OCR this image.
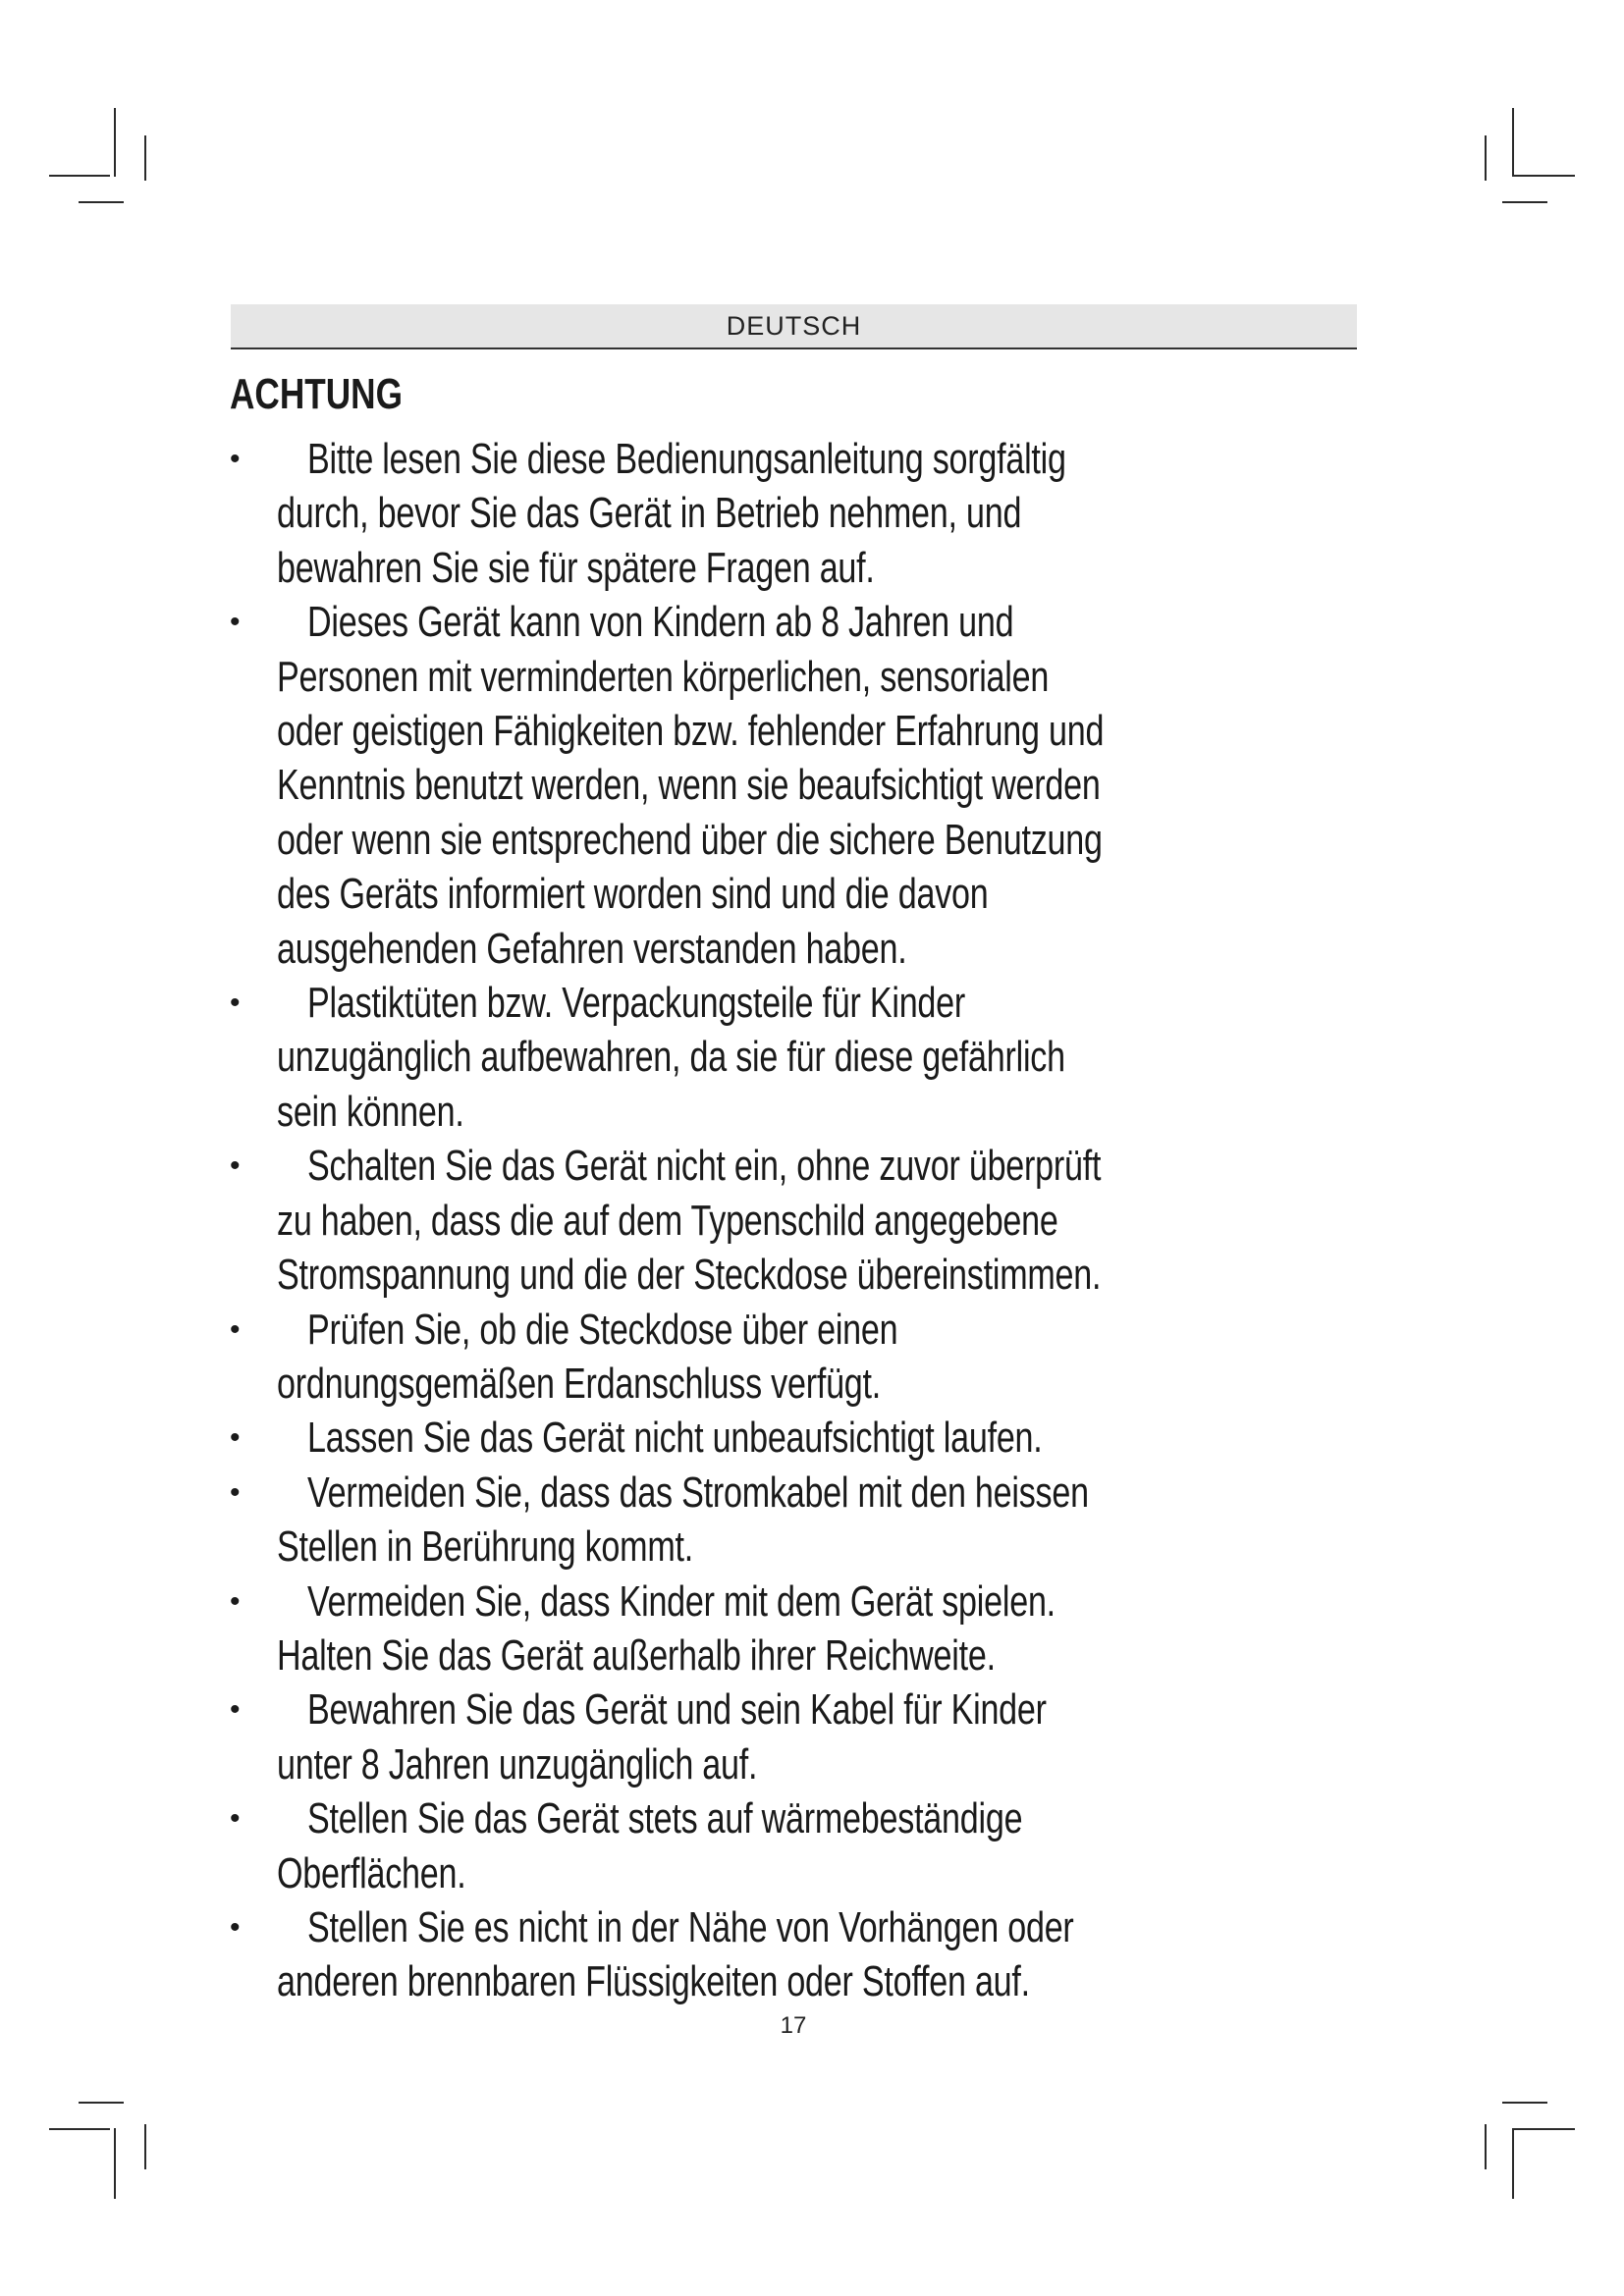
DEUTSCH
ACHTUNG
•	Bitte lesen Sie diese Bedienungsanleitung sorgfältig durch, bevor Sie das Gerät in Betrieb nehmen, und bewahren Sie sie für spätere Fragen auf.
•	Dieses Gerät kann von Kindern ab 8 Jahren und Personen mit verminderten körperlichen, sensorialen oder geistigen Fähigkeiten bzw. fehlender Erfahrung und Kenntnis benutzt werden, wenn sie beaufsichtigt werden oder wenn sie entsprechend über die sichere Benutzung des Geräts informiert worden sind und die davon ausgehenden Gefahren verstanden haben.
•	Plastiktüten bzw. Verpackungsteile für Kinder unzugänglich aufbewahren, da sie für diese gefährlich sein können.
•	Schalten Sie das Gerät nicht ein, ohne zuvor überprüft zu haben, dass die auf dem Typenschild angegebene Stromspannung und die der Steckdose übereinstimmen.
•	Prüfen Sie, ob die Steckdose über einen ordnungsgemäßen Erdanschluss verfügt.
•	Lassen Sie das Gerät nicht unbeaufsichtigt laufen.
•	Vermeiden Sie, dass das Stromkabel mit den heissen Stellen in Berührung kommt.
•	Vermeiden Sie, dass Kinder mit dem Gerät spielen. Halten Sie das Gerät außerhalb ihrer Reichweite.
•	Bewahren Sie das Gerät und sein Kabel für Kinder unter 8 Jahren unzugänglich auf.
•	Stellen Sie das Gerät stets auf wärmebeständige Oberflächen.
•	Stellen Sie es nicht in der Nähe von Vorhängen oder anderen brennbaren Flüssigkeiten oder Stoffen auf.
17
